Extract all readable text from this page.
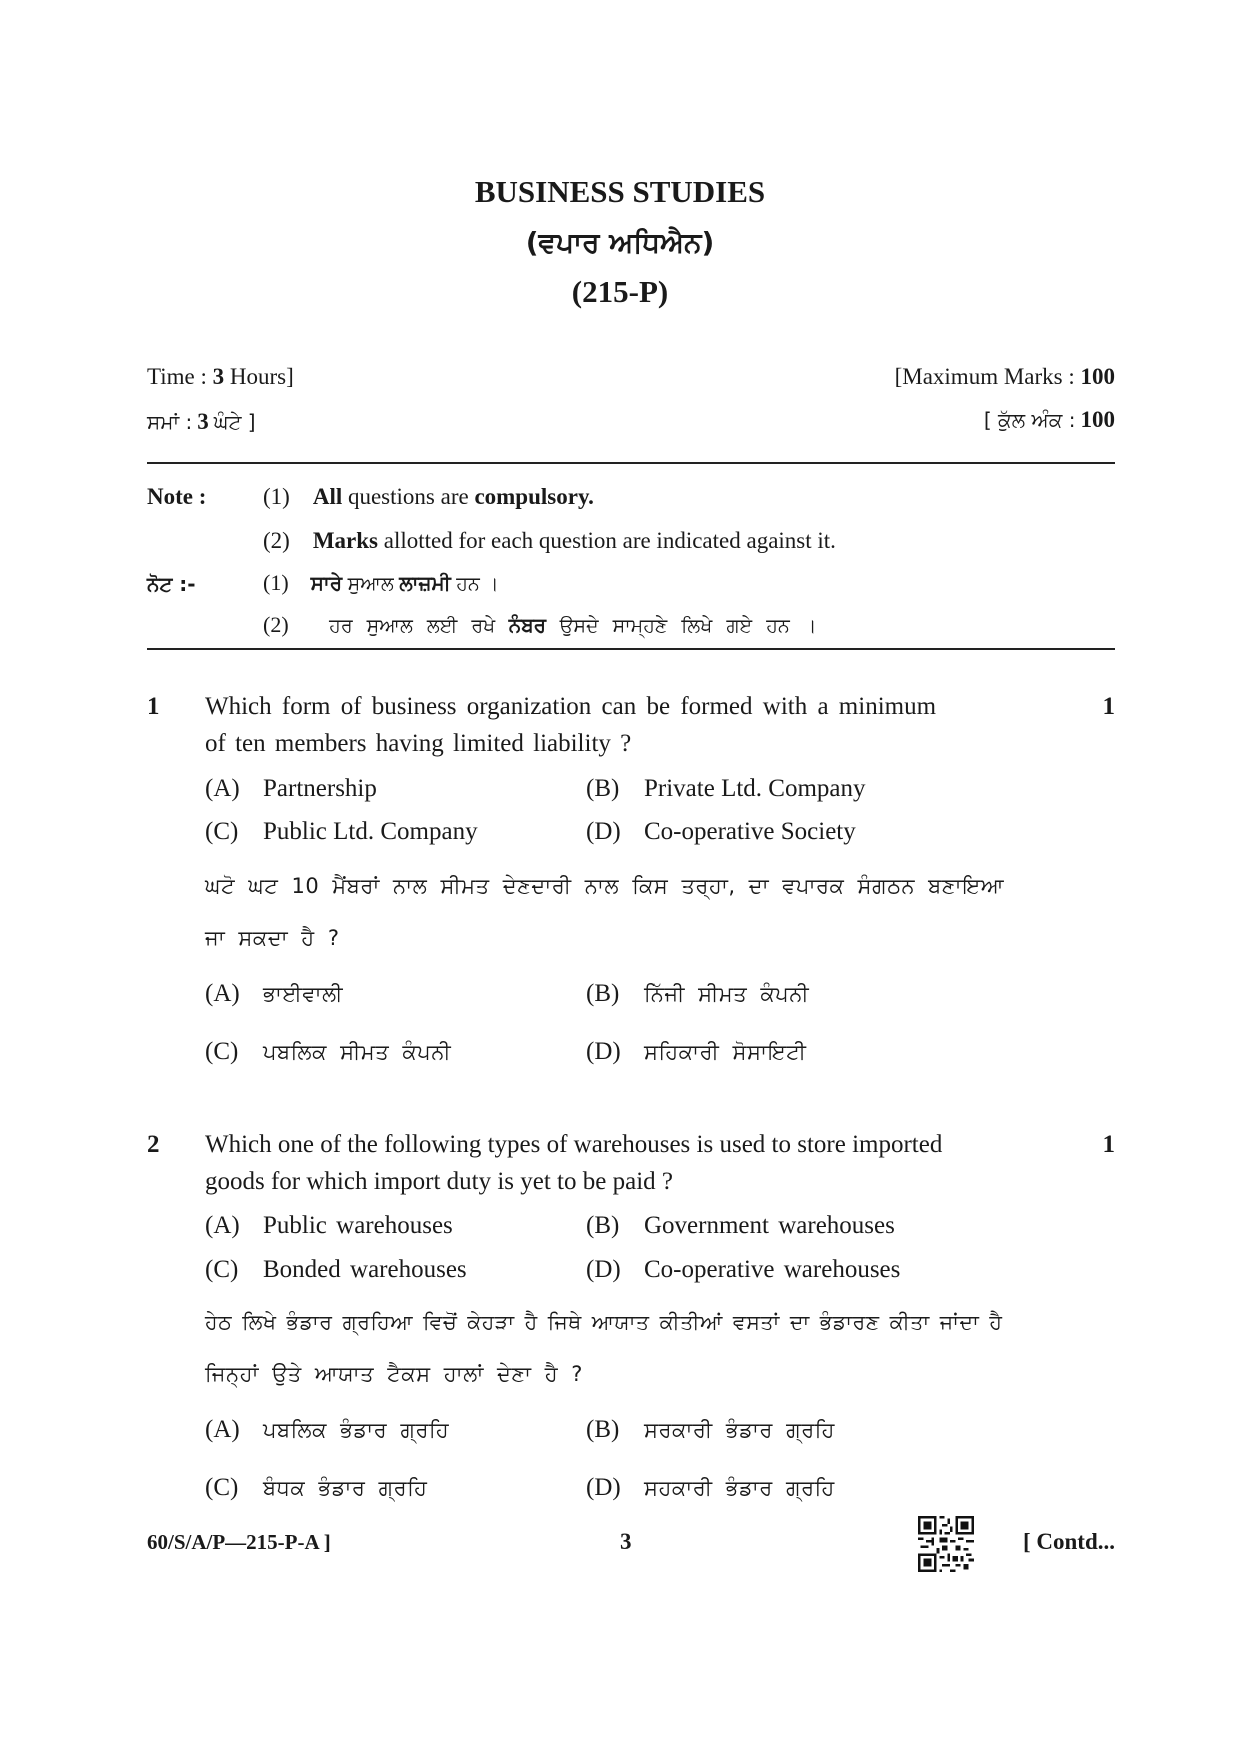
BUSINESS STUDIES
(ਵਪਾਰ ਅਧਿਐਨ)
(215-P)
Time : 3 Hours]	[Maximum Marks : 100
ਸਮਾਂ : 3 ਘੰਟੇ ]	[ ਕੁੱਲ ਅੰਕ : 100
Note : (1) All questions are compulsory.
(2) Marks allotted for each question are indicated against it.
ਨੋਟ :-	(1) ਸਾਰੇ ਸੁਆਲ ਲਾਜ਼ਮੀ ਹਨ ।
(2) ਹਰ ਸੁਆਲ ਲਈ ਰਖੇ ਨੰਬਰ ਉਸਦੇ ਸਾਮ੍ਹਣੇ ਲਿਖੇ ਗਏ ਹਨ ।
1	1
Which form of business organization can be formed with a minimum
of ten members having limited liability ?
(A) Partnership	(B) Private Ltd. Company
(C) Public Ltd. Company	(D) Co-operative Society
ਘਟੋ ਘਟ 10 ਮੈਂਬਰਾਂ ਨਾਲ ਸੀਮਤ ਦੇਣਦਾਰੀ ਨਾਲ ਕਿਸ ਤਰ੍ਹਾ, ਦਾ ਵਪਾਰਕ ਸੰਗਠਨ ਬਣਾਇਆ
ਜਾ ਸਕਦਾ ਹੈ ?
(A) ਭਾਈਵਾਲੀ	(B) ਨਿੱਜੀ ਸੀਮਤ ਕੰਪਨੀ
(C) ਪਬਲਿਕ ਸੀਮਤ ਕੰਪਨੀ	(D) ਸਹਿਕਾਰੀ ਸੋਸਾਇਟੀ
2	1
Which one of the following types of warehouses is used to store imported
goods for which import duty is yet to be paid ?
(A) Public warehouses	(B) Government warehouses
(C) Bonded warehouses	(D) Co-operative warehouses
ਹੇਠ ਲਿਖੇ ਭੰਡਾਰ ਗ੍ਰਹਿਆ ਵਿਚੋਂ ਕੇਹੜਾ ਹੈ ਜਿਥੇ ਆਯਾਤ ਕੀਤੀਆਂ ਵਸਤਾਂ ਦਾ ਭੰਡਾਰਣ ਕੀਤਾ ਜਾਂਦਾ ਹੈ
ਜਿਨ੍ਹਾਂ ਉਤੇ ਆਯਾਤ ਟੈਕਸ ਹਾਲਾਂ ਦੇਣਾ ਹੈ ?
(A) ਪਬਲਿਕ ਭੰਡਾਰ ਗ੍ਰਹਿ	(B) ਸਰਕਾਰੀ ਭੰਡਾਰ ਗ੍ਰਹਿ
(C) ਬੰਧਕ ਭੰਡਾਰ ਗ੍ਰਹਿ	(D) ਸਹਕਾਰੀ ਭੰਡਾਰ ਗ੍ਰਹਿ
60/S/A/P—215-P-A ]	3	[ Contd...
